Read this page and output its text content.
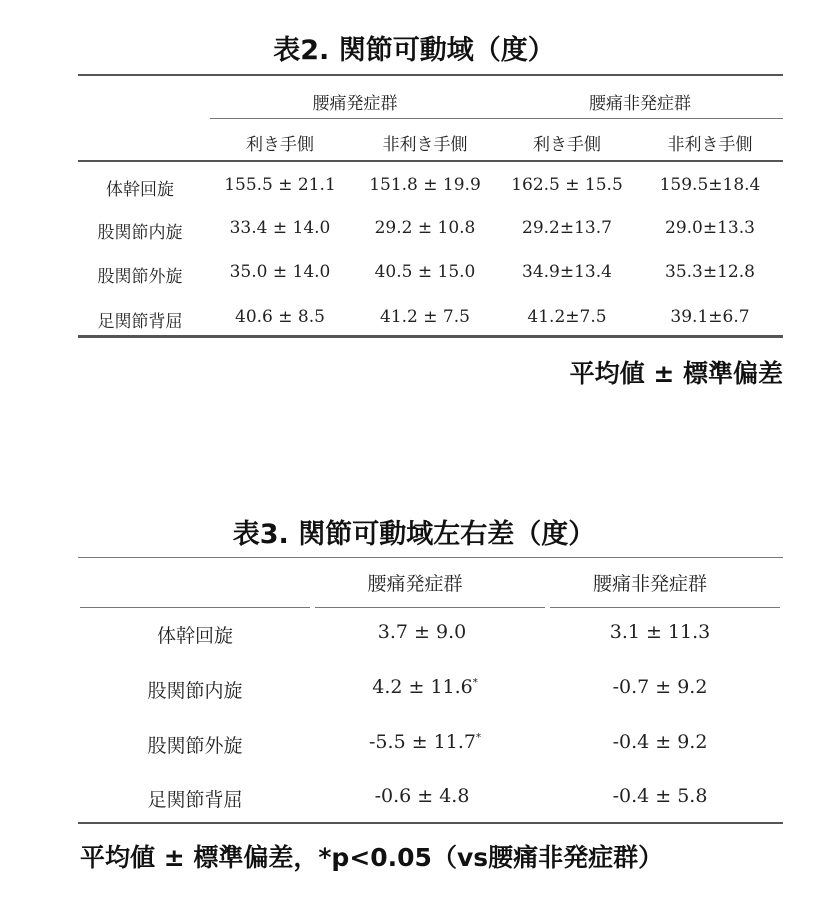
表2. 関節可動域（度）
腰痛発症群	腰痛非発症群
利き手側	非利き手側	利き手側	非利き手側
体幹回旋	155.5 ± 21.1	151.8 ± 19.9	162.5 ± 15.5	159.5±18.4
股関節内旋	33.4 ± 14.0	29.2 ± 10.8	29.2±13.7	29.0±13.3
股関節外旋	35.0 ± 14.0	40.5 ± 15.0	34.9±13.4	35.3±12.8
足関節背屈	40.6 ± 8.5	41.2 ± 7.5	41.2±7.5	39.1±6.7
平均値 ± 標準偏差
表3. 関節可動域左右差（度）
腰痛発症群	腰痛非発症群
体幹回旋	3.7 ± 9.0	3.1 ± 11.3
股関節内旋	4.2 ± 11.6*	-0.7 ± 9.2
股関節外旋	-5.5 ± 11.7*	-0.4 ± 9.2
足関節背屈	-0.6 ± 4.8	-0.4 ± 5.8
平均値 ± 標準偏差，*p<0.05（vs腰痛非発症群）
